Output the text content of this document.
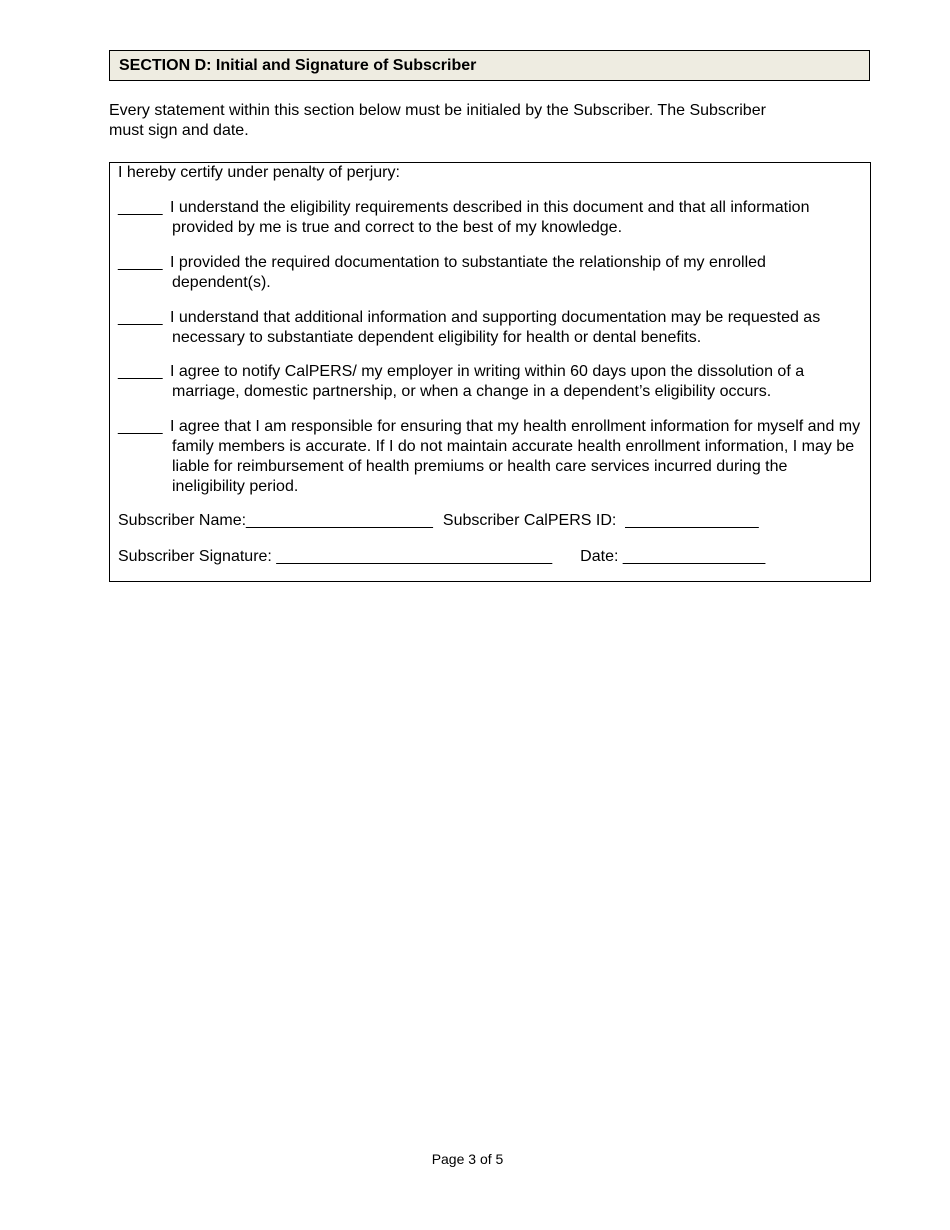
SECTION D: Initial and Signature of Subscriber

Every statement within this section below must be initialed by the Subscriber. The Subscriber

must sign and date.

I hereby certify under penalty of perjury:
_____ I understand the eligibility requirements described in this document and that all information provided by me is true and correct to the best of my knowledge.
_____ I provided the required documentation to substantiate the relationship of my enrolled dependent(s).
_____ I understand that additional information and supporting documentation may be requested as necessary to substantiate dependent eligibility for health or dental benefits.
_____ I agree to notify CalPERS/ my employer in writing within 60 days upon the dissolution of a marriage, domestic partnership, or when a change in a dependent’s eligibility occurs.
_____ I agree that I am responsible for ensuring that my health enrollment information for myself and my family members is accurate. If I do not maintain accurate health enrollment information, I may be liable for reimbursement of health premiums or health care services incurred during the ineligibility period.
Subscriber Name:_____________________ Subscriber CalPERS ID: _______________
Subscriber Signature: _______________________________ Date: ________________
Page 3 of 5
